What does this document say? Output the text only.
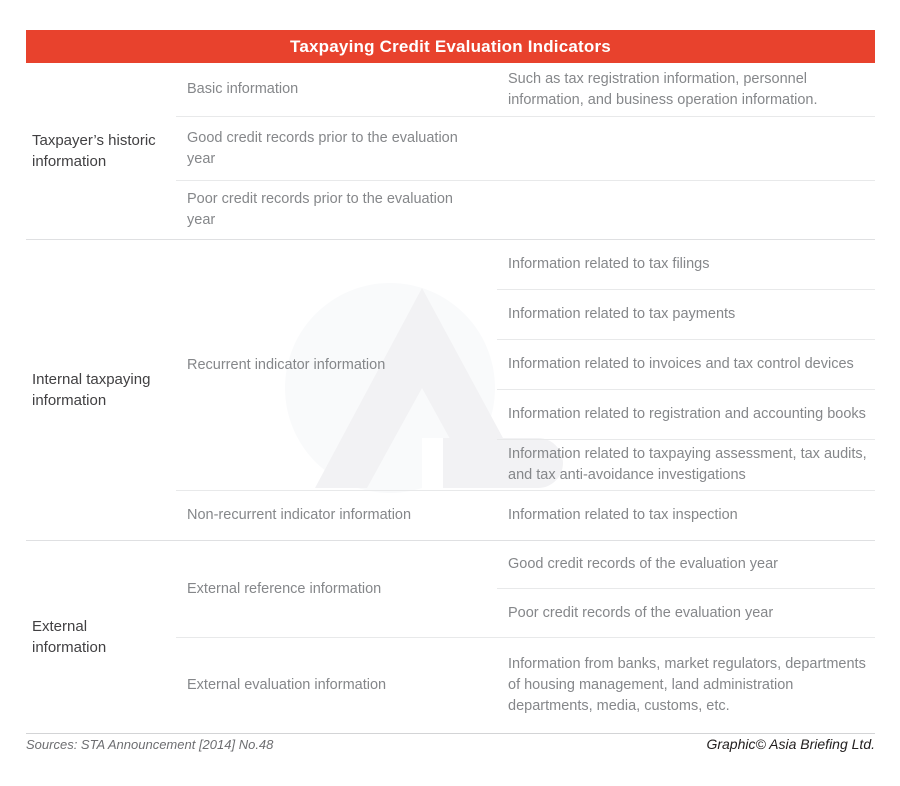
Taxpaying Credit Evaluation Indicators
Taxpayer’s historic information
Basic information
Such as tax registration information, personnel information, and business operation information.
Good credit records prior to the evaluation year
Poor credit records prior to the evaluation year
Internal taxpaying information
Recurrent indicator information
Information related to tax filings
Information related to tax payments
Information related to invoices and tax control devices
Information related to registration and accounting books
Information related to taxpaying assessment, tax audits, and tax anti-avoidance investigations
Non-recurrent indicator information	Information related to tax inspection
External information
External reference information
Good credit records of the evaluation year
Poor credit records of the evaluation year
External evaluation information
Information from banks, market regulators, departments of housing management, land administration departments, media, customs, etc.
Sources: STA Announcement [2014] No.48	Graphic© Asia Briefing Ltd.
